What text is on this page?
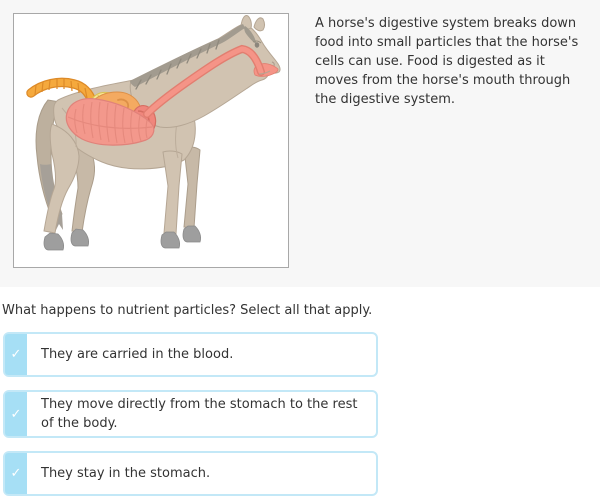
A horse's digestive system breaks down food into small particles that the horse's cells can use. Food is digested as it moves from the horse's mouth through the digestive system.

What happens to nutrient particles? Select all that apply.

✓ They are carried in the blood.
✓
They move directly from the stomach to the rest of the body.
✓ They stay in the stomach.
